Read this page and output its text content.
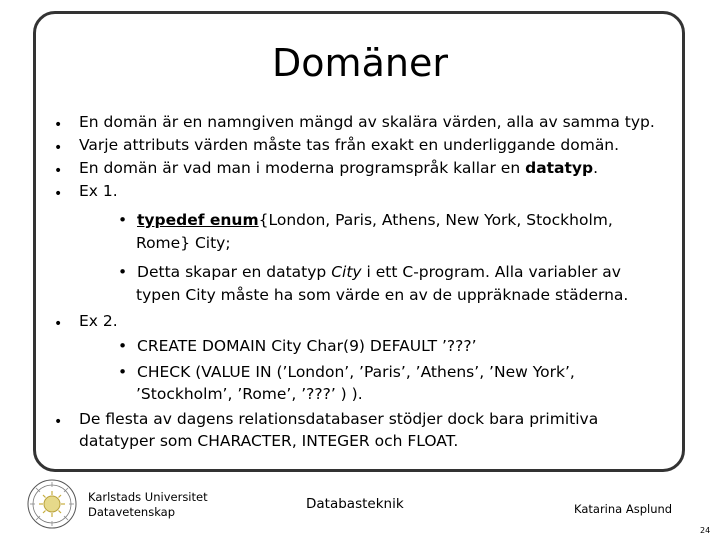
Domäner
• En domän är en namngiven mängd av skalära värden, alla av samma typ.
• Varje attributs värden måste tas från exakt en underliggande domän.
• En domän är vad man i moderna programspråk kallar en datatyp.
• Ex 1.
• typedef enum{London, Paris, Athens, New York, Stockholm,
Rome} City;
• Detta skapar en datatyp City i ett C-program. Alla variabler av
typen City måste ha som värde en av de uppräknade städerna.
• Ex 2.
• CREATE DOMAIN City Char(9) DEFAULT ’???’
• CHECK (VALUE IN (’London’, ’Paris’, ’Athens’, ’New York’,
’Stockholm’, ’Rome’, ’???’ ) ).
• De flesta av dagens relationsdatabaser stödjer dock bara primitiva
datatyper som CHARACTER, INTEGER och FLOAT.
Karlstads Universitet
Datavetenskap	Databasteknik	Katarina Asplund
24
